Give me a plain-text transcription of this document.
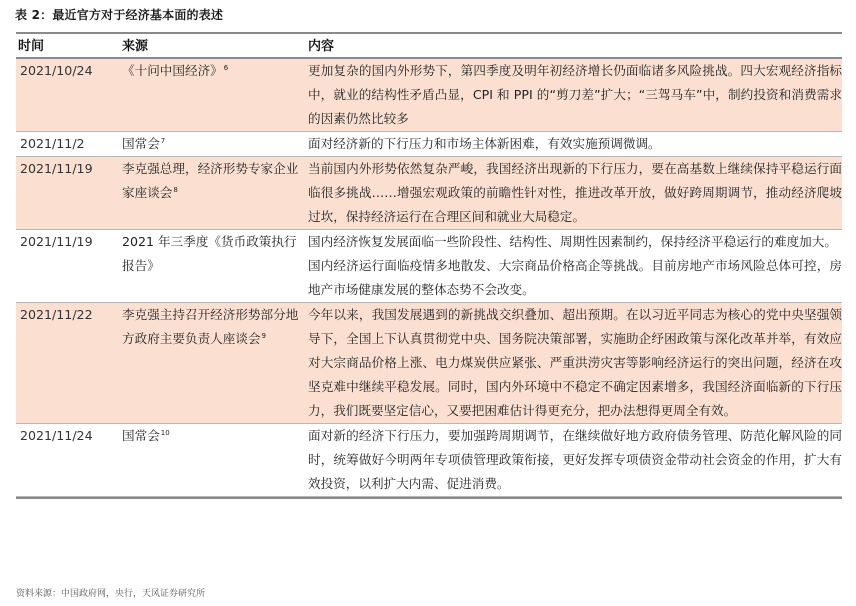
表 2：最近官方对于经济基本面的表述
时间	来源	内容
2021/10/24	《十问中国经济》$^6$	更加复杂的国内外形势下，第四季度及明年初经济增长仍面临诸多风险挑战。四大宏观经济指标中，就业的结构性矛盾凸显，CPI 和 PPI 的“剪刀差”扩大；“三驾马车”中，制约投资和消费需求的因素仍然比较多

2021/11/2	国常会$^7$	面对经济新的下行压力和市场主体新困难，有效实施预调微调。

2021/11/19	李克强总理，经济形势专家企业家座谈会$^8$	当前国内外形势依然复杂严峻，我国经济出现新的下行压力，要在高基数上继续保持平稳运行面临很多挑战……增强宏观政策的前瞻性针对性，推进改革开放，做好跨周期调节，推动经济爬坡过坎，保持经济运行在合理区间和就业大局稳定。

2021/11/19	2021 年三季度《货币政策执行报告》	国内经济恢复发展面临一些阶段性、结构性、周期性因素制约，保持经济平稳运行的难度加大。
国内经济运行面临疫情多地散发、大宗商品价格高企等挑战。目前房地产市场风险总体可控，房地产市场健康发展的整体态势不会改变。

2021/11/22	李克强主持召开经济形势部分地方政府主要负责人座谈会$^9$	今年以来，我国发展遇到的新挑战交织叠加、超出预期。在以习近平同志为核心的党中央坚强领导下，全国上下认真贯彻党中央、国务院决策部署，实施助企纾困政策与深化改革并举，有效应对大宗商品价格上涨、电力煤炭供应紧张、严重洪涝灾害等影响经济运行的突出问题，经济在攻坚克难中继续平稳发展。同时，国内外环境中不稳定不确定因素增多，我国经济面临新的下行压力，我们既要坚定信心，又要把困难估计得更充分，把办法想得更周全有效。

2021/11/24	国常会$^{10}$	面对新的经济下行压力，要加强跨周期调节，在继续做好地方政府债务管理、防范化解风险的同时，统筹做好今明两年专项债管理政策衔接，更好发挥专项债资金带动社会资金的作用，扩大有效投资，以利扩大内需、促进消费。
资料来源：中国政府网，央行，天风证券研究所
